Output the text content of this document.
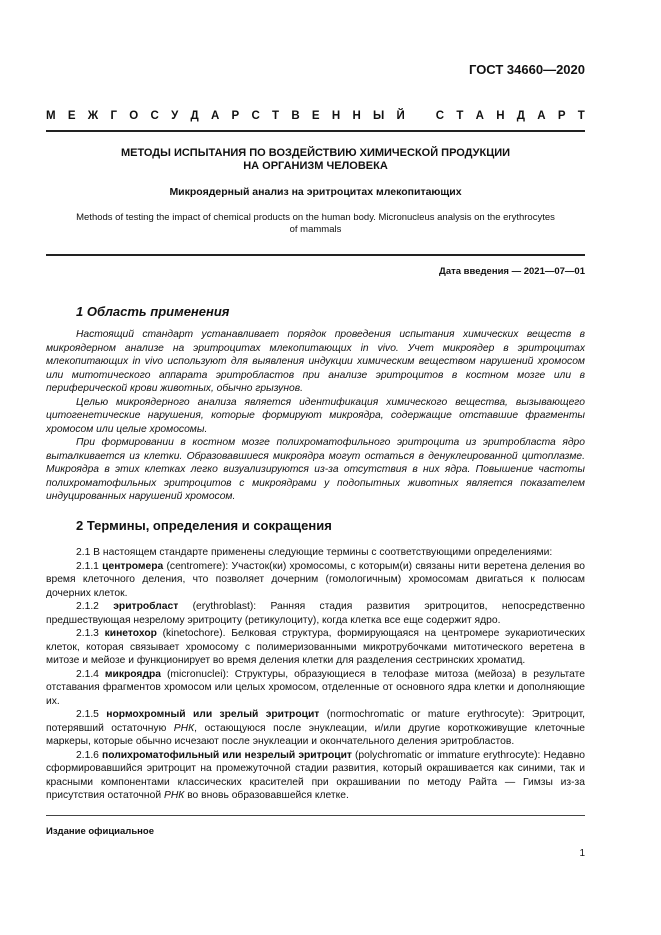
ГОСТ 34660—2020
М Е Ж Г О С У Д А Р С Т В Е Н Н Ы Й
	С Т А Н Д А Р Т
МЕТОДЫ ИСПЫТАНИЯ ПО ВОЗДЕЙСТВИЮ ХИМИЧЕСКОЙ ПРОДУКЦИИ
НА ОРГАНИЗМ ЧЕЛОВЕКА
Микроядерный анализ на эритроцитах млекопитающих
Methods of testing the impact of chemical products on the human body. Micronucleus analysis on the erythrocytes
of mammals
Дата введения — 2021—07—01
1 Область применения

Настоящий стандарт устанавливает порядок проведения испытания химических веществ в микроядерном анализе на эритроцитах млекопитающих in vivo. Учет микроядер в эритроцитах млекопитающих in vivo используют для выявления индукции химическим веществом нарушений хромосом или митотического аппарата эритробластов при анализе эритроцитов в костном мозге или в периферической крови животных, обычно грызунов.

Целью микроядерного анализа является идентификация химического вещества, вызывающего цитогенетические нарушения, которые формируют микроядра, содержащие отставшие фрагменты хромосом или целые хромосомы.

При формировании в костном мозге полихроматофильного эритроцита из эритробласта ядро выталкивается из клетки. Образовавшиеся микроядра могут остаться в денуклеированной цитоплазме. Микроядра в этих клетках легко визуализируются из-за отсутствия в них ядра. Повышение частоты полихроматофильных эритроцитов с микроядрами у подопытных животных является показателем индуцированных нарушений хромосом.

2 Термины, определения и сокращения

2.1 В настоящем стандарте применены следующие термины с соответствующими определениями:

2.1.1 центромера (centromere): Участок(ки) хромосомы, с которым(и) связаны нити веретена деления во время клеточного деления, что позволяет дочерним (гомологичным) хромосомам двигаться к полюсам дочерних клеток.

2.1.2 эритробласт (erythroblast): Ранняя стадия развития эритроцитов, непосредственно предшествующая незрелому эритроциту (ретикулоциту), когда клетка все еще содержит ядро.

2.1.3 кинетохор (kinetochore). Белковая структура, формирующаяся на центромере эукариотических клеток, которая связывает хромосому с полимеризованными микротрубочками митотического веретена в митозе и мейозе и функционирует во время деления клетки для разделения сестринских хроматид.

2.1.4 микроядра (micronuclei): Структуры, образующиеся в телофазе митоза (мейоза) в результате отставания фрагментов хромосом или целых хромосом, отделенные от основного ядра клетки и дополняющие их.

2.1.5 нормохромный или зрелый эритроцит (normochromatic or mature erythrocyte): Эритроцит, потерявший остаточную РНК, остающуюся после энуклеации, и/или другие короткоживущие клеточные маркеры, которые обычно исчезают после энуклеации и окончательного деления эритробластов.

2.1.6 полихроматофильный или незрелый эритроцит (polychromatic or immature erythrocyte): Недавно сформировавшийся эритроцит на промежуточной стадии развития, который окрашивается как синими, так и красными компонентами классических красителей при окрашивании по методу Райта — Гимзы из-за присутствия остаточной РНК во вновь образовавшейся клетке.

Издание официальное
1
